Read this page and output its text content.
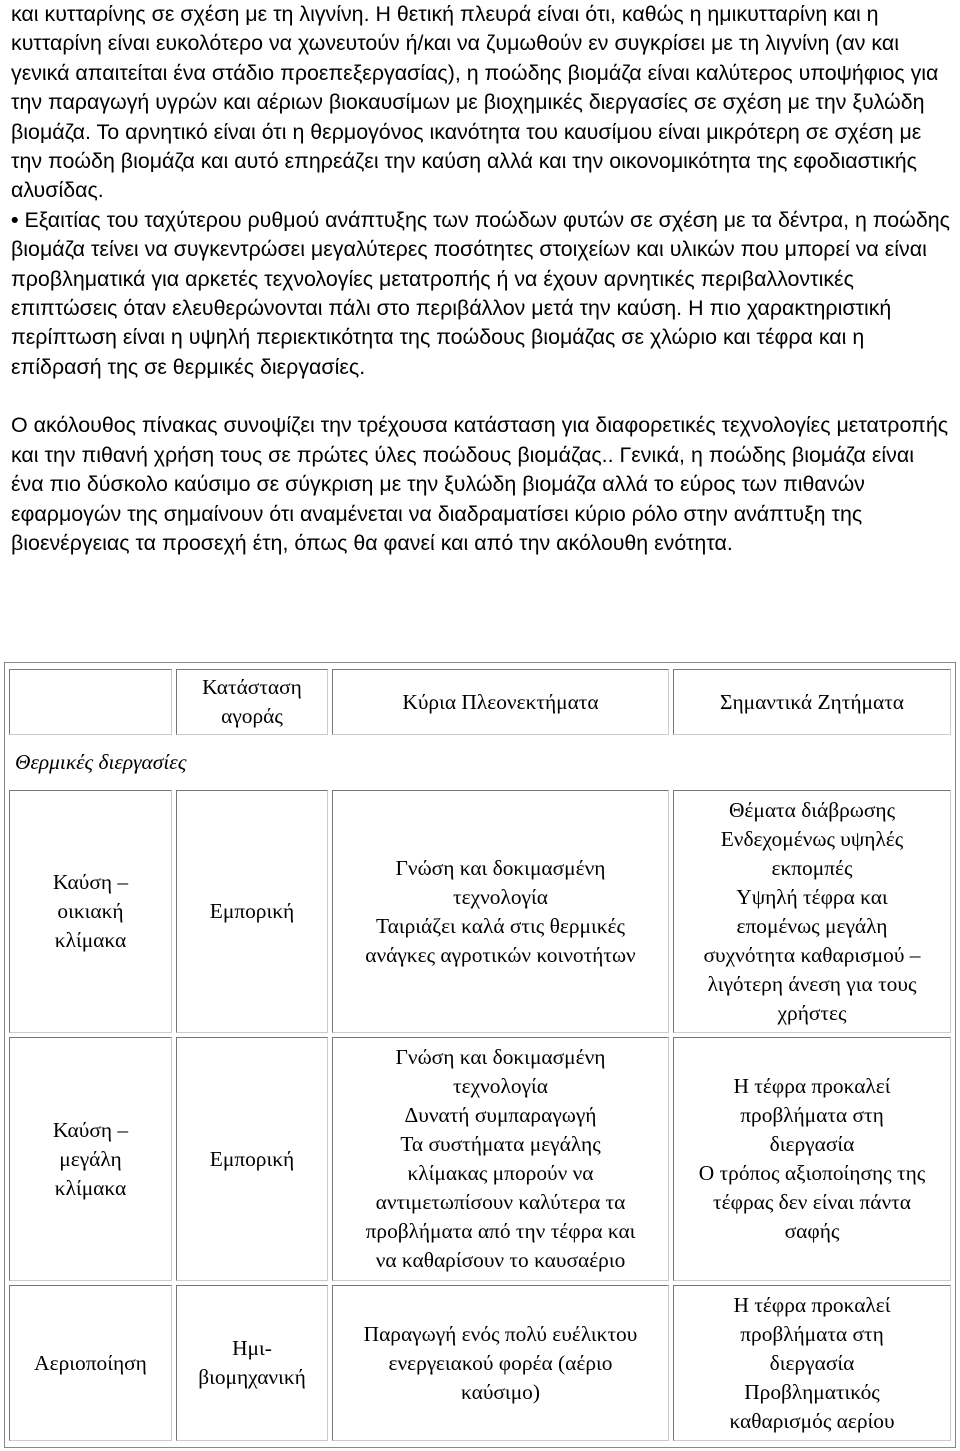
και κυτταρίνης σε σχέση με τη λιγνίνη. Η θετική πλευρά είναι ότι, καθώς η ημικυτταρίνη και η κυτταρίνη είναι ευκολότερο να χωνευτούν ή/και να ζυμωθούν εν συγκρίσει με τη λιγνίνη (αν και γενικά απαιτείται ένα στάδιο προεπεξεργασίας), η ποώδης βιομάζα είναι καλύτερος υποψήφιος για την παραγωγή υγρών και αέριων βιοκαυσίμων με βιοχημικές διεργασίες σε σχέση με την ξυλώδη βιομάζα. Το αρνητικό είναι ότι η θερμογόνος ικανότητα του καυσίμου είναι μικρότερη σε σχέση με την ποώδη βιομάζα και αυτό επηρεάζει την καύση αλλά και την οικονομικότητα της εφοδιαστικής αλυσίδας.

• Εξαιτίας του ταχύτερου ρυθμού ανάπτυξης των ποώδων φυτών σε σχέση με τα δέντρα, η ποώδης βιομάζα τείνει να συγκεντρώσει μεγαλύτερες ποσότητες στοιχείων και υλικών που μπορεί να είναι προβληματικά για αρκετές τεχνολογίες μετατροπής ή να έχουν αρνητικές περιβαλλοντικές επιπτώσεις όταν ελευθερώνονται πάλι στο περιβάλλον μετά την καύση. Η πιο χαρακτηριστική περίπτωση είναι η υψηλή περιεκτικότητα της ποώδους βιομάζας σε χλώριο και τέφρα και η επίδρασή της σε θερμικές διεργασίες.

Ο ακόλουθος πίνακας συνοψίζει την τρέχουσα κατάσταση για διαφορετικές τεχνολογίες μετατροπής και την πιθανή χρήση τους σε πρώτες ύλες ποώδους βιομάζας.. Γενικά, η ποώδης βιομάζα είναι ένα πιο δύσκολο καύσιμο σε σύγκριση με την ξυλώδη βιομάζα αλλά το εύρος των πιθανών εφαρμογών της σημαίνουν ότι αναμένεται να διαδραματίσει κύριο ρόλο στην ανάπτυξη της βιοενέργειας τα προσεχή έτη, όπως θα φανεί και από την ακόλουθη ενότητα.

Κατάσταση
αγοράς
Κύρια Πλεονεκτήματα	Σημαντικά Ζητήματα
Θερμικές διεργασίες
Καύση –
οικιακή
κλίμακα
Εμπορική
Γνώση και δοκιμασμένη
τεχνολογία
Ταιριάζει καλά στις θερμικές
ανάγκες αγροτικών κοινοτήτων
Θέματα διάβρωσης
Ενδεχομένως υψηλές
εκπομπές
Υψηλή τέφρα και
επομένως μεγάλη
συχνότητα καθαρισμού –
λιγότερη άνεση για τους
χρήστες
Καύση –
μεγάλη
κλίμακα
Εμπορική
Γνώση και δοκιμασμένη
τεχνολογία
Δυνατή συμπαραγωγή
Τα συστήματα μεγάλης
κλίμακας μπορούν να
αντιμετωπίσουν καλύτερα τα
προβλήματα από την τέφρα και
να καθαρίσουν το καυσαέριο
Η τέφρα προκαλεί
προβλήματα στη
διεργασία
Ο τρόπος αξιοποίησης της
τέφρας δεν είναι πάντα
σαφής
Αεριοποίηση
Ημι-
βιομηχανική
Παραγωγή ενός πολύ ευέλικτου
ενεργειακού φορέα (αέριο
καύσιμο)
Η τέφρα προκαλεί
προβλήματα στη
διεργασία
Προβληματικός
καθαρισμός αερίου
